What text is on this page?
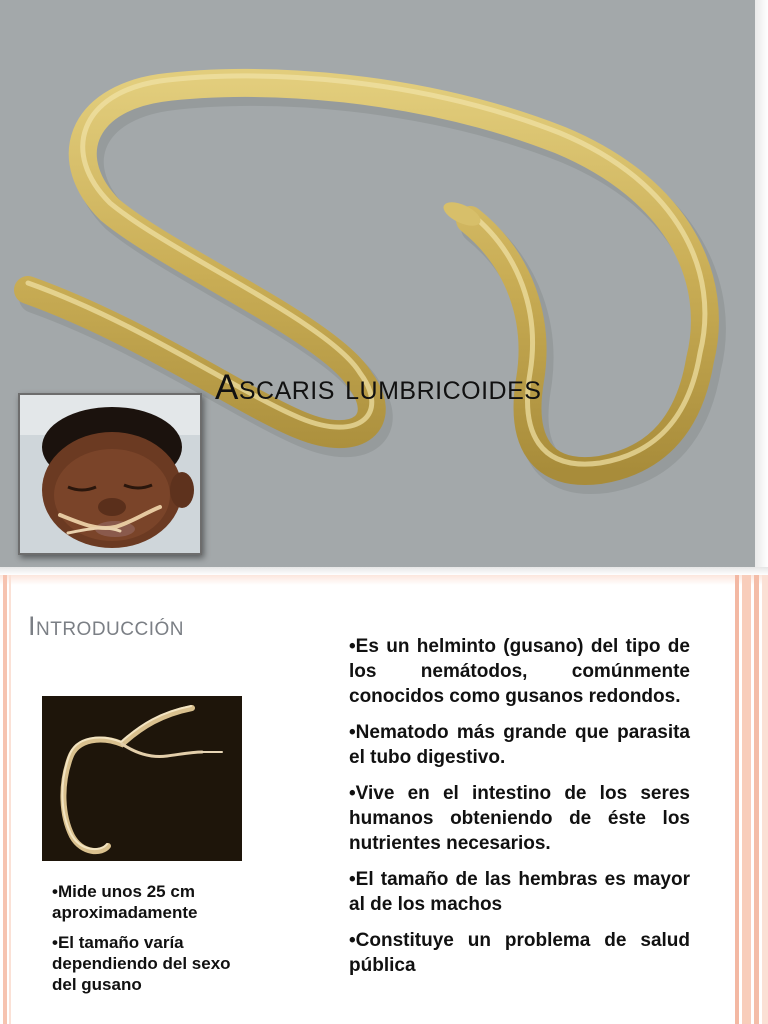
Ascaris lumbricoides
Introducción

•Mide unos 25 cm aproximadamente

•El tamaño varía dependiendo del sexo del gusano

•Es un helminto (gusano) del tipo de los nemátodos, comúnmente conocidos como gusanos redondos.

•Nematodo más grande que parasita el tubo digestivo.

•Vive en el intestino de los seres humanos obteniendo de éste los nutrientes necesarios.

•El tamaño de las hembras es mayor al de los machos

•Constituye un problema de salud pública
